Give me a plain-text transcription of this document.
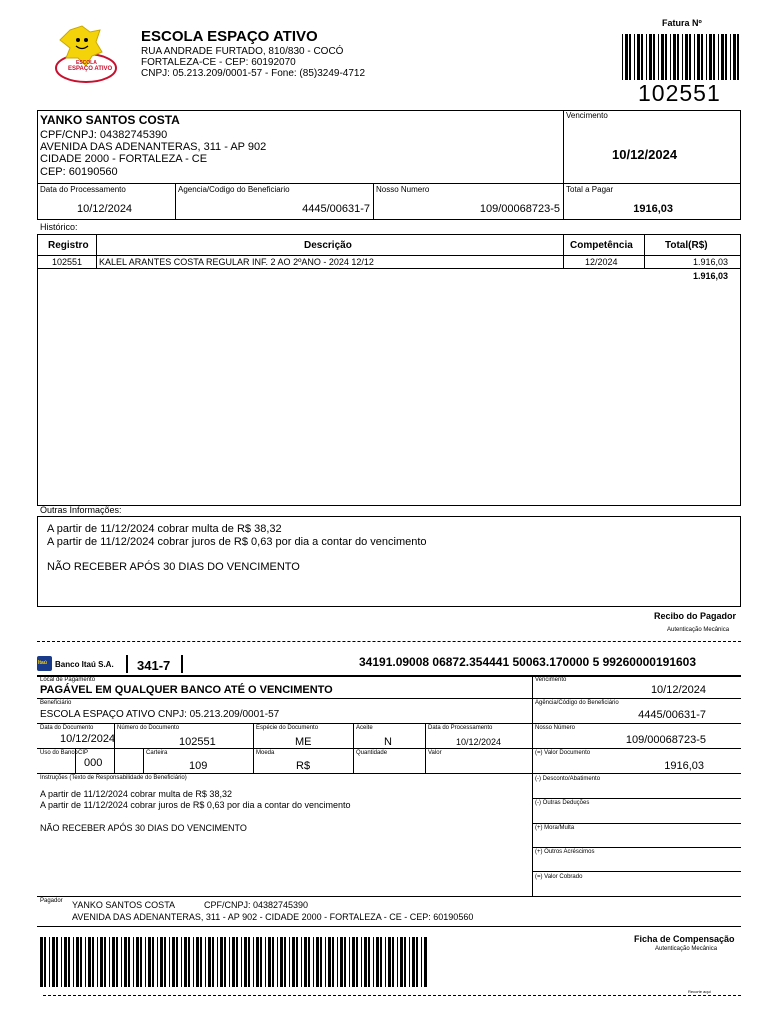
ESCOLA
ESPAÇO ATIVO
ESCOLA ESPAÇO ATIVO
RUA ANDRADE FURTADO, 810/830 - COCÓ
FORTALEZA-CE - CEP: 60192070
CNPJ: 05.213.209/0001-57 - Fone: (85)3249-4712
Fatura Nº
102551
YANKO SANTOS COSTA
CPF/CNPJ: 04382745390
AVENIDA DAS ADENANTERAS, 311 - AP 902
CIDADE 2000 - FORTALEZA - CE
CEP: 60190560
Vencimento
10/12/2024
Data do Processamento
10/12/2024
Agencia/Codigo do Beneficiario
4445/00631-7
Nosso Numero
109/00068723-5
Total a Pagar
1916,03
Histórico:
Registro	Descrição	Competência	Total(R$)
102551 KALEL ARANTES COSTA REGULAR INF. 2 AO 2ºANO - 2024 12/12	12/2024	1.916,03
1.916,03
Outras Informações:
A partir de 11/12/2024 cobrar multa de R$ 38,32
A partir de 11/12/2024 cobrar juros de R$ 0,63 por dia a contar do vencimento
NÃO RECEBER APÓS 30 DIAS DO VENCIMENTO
Recibo do Pagador
Autenticação Mecânica
Itaú Banco Itaú S.A. 341-7	34191.09008 06872.354441 50063.170000 5 99260000191603
Local de Pagamento
PAGÁVEL EM QUALQUER BANCO ATÉ O VENCIMENTO
Vencimento
10/12/2024
Beneficiário
ESCOLA ESPAÇO ATIVO CNPJ: 05.213.209/0001-57
Agência/Código do Beneficiário
4445/00631-7
Data do Documento
10/12/2024
Número do Documento
102551
Espécie do Documento
ME
Aceite
N
Data do Processamento
10/12/2024
Nosso Número
109/00068723-5
Uso do Banco CIP
000
Carteira
109
Moeda
R$
Quantidade	Valor	(=) Valor Documento
1916,03
Instruções (Texto de Responsabilidade do Beneficiário)
A partir de 11/12/2024 cobrar multa de R$ 38,32
A partir de 11/12/2024 cobrar juros de R$ 0,63 por dia a contar do vencimento
NÃO RECEBER APÓS 30 DIAS DO VENCIMENTO
(-) Desconto/Abatimento
(-) Outras Deduções
(+) Mora/Multa
(+) Outros Acréscimos
(=) Valor Cobrado
Pagador YANKO SANTOS COSTA	CPF/CNPJ: 04382745390
AVENIDA DAS ADENANTERAS, 311 - AP 902 - CIDADE 2000 - FORTALEZA - CE - CEP: 60190560
Ficha de Compensação
Autenticação Mecânica
Recorte aqui
